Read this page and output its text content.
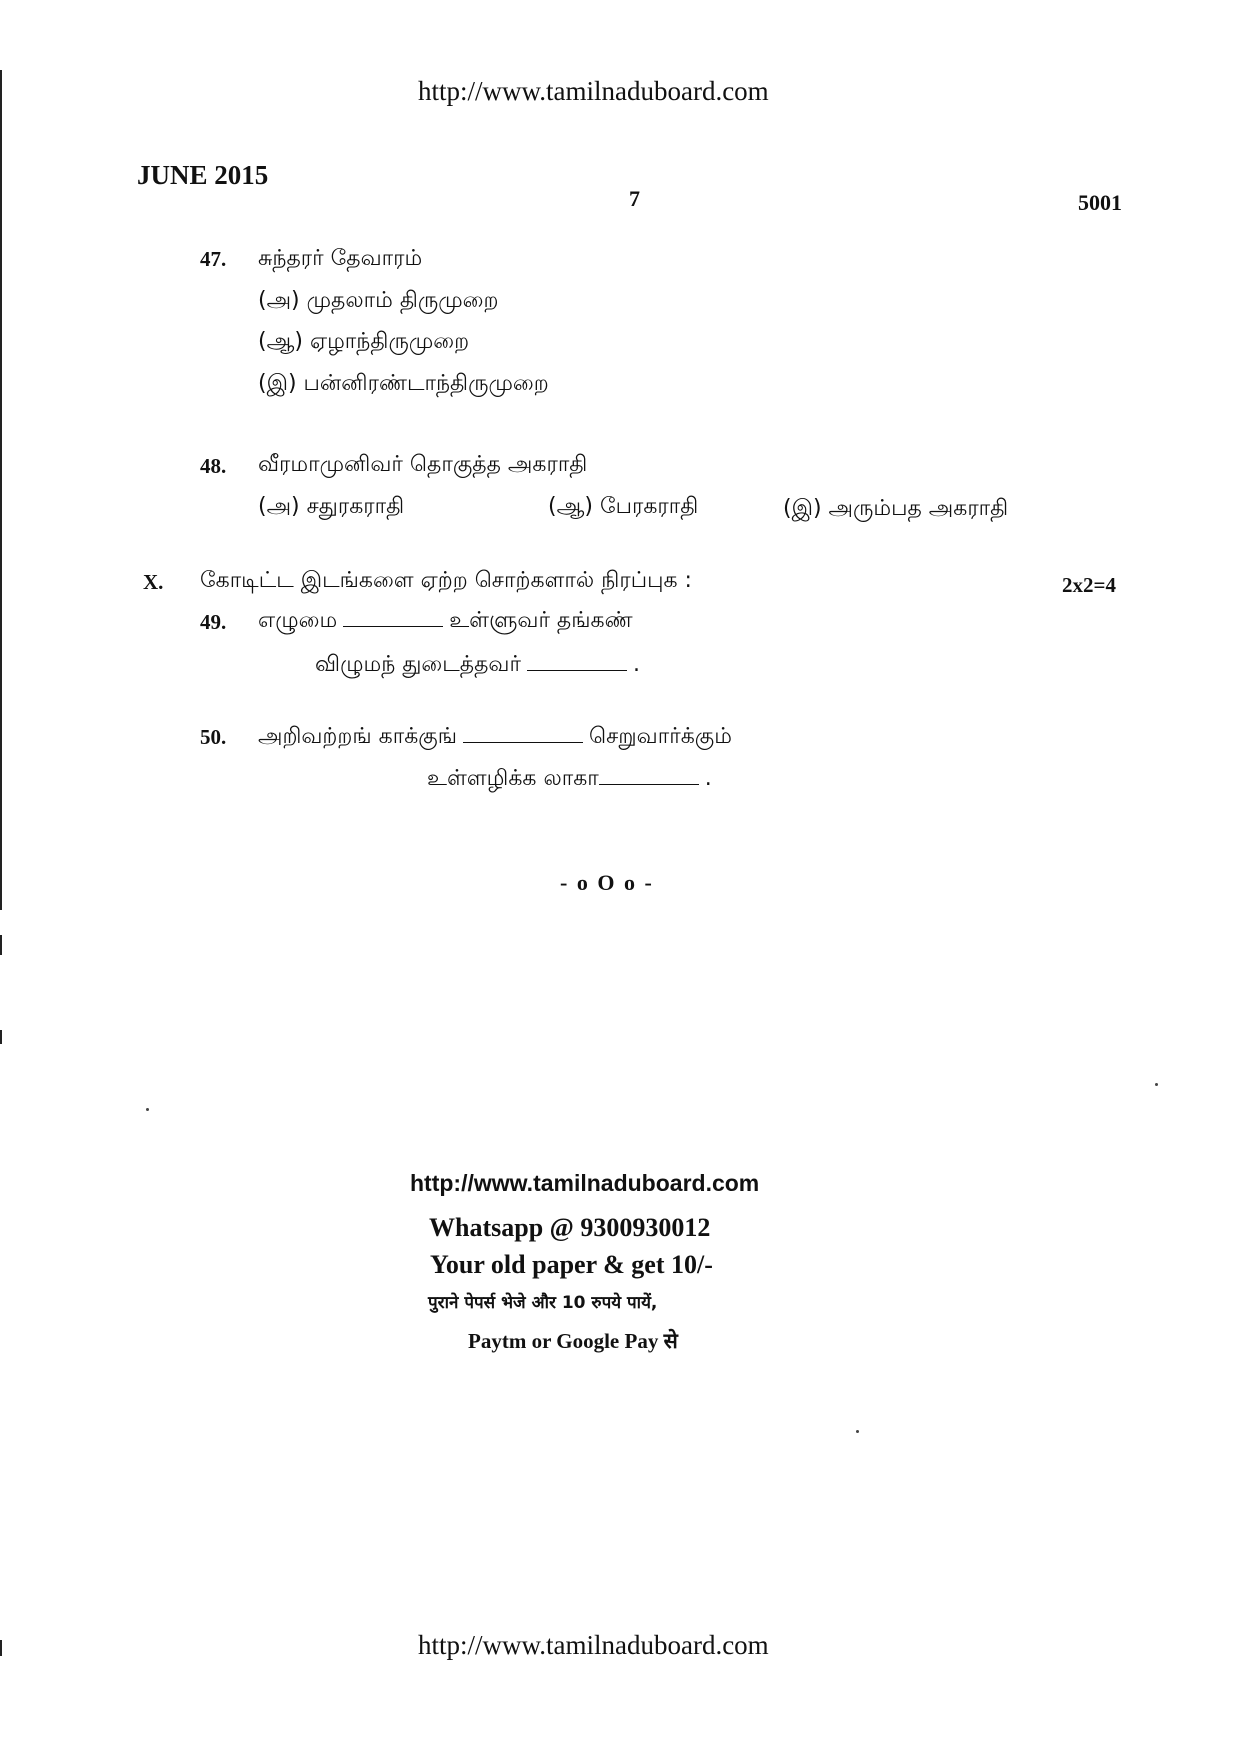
http://www.tamilnaduboard.com
JUNE 2015
7	5001
47. சுந்தரர் தேவாரம்
(அ) முதலாம் திருமுறை
(ஆ) ஏழாந்திருமுறை
(இ) பன்னிரண்டாந்திருமுறை
48. வீரமாமுனிவர் தொகுத்த அகராதி
(அ) சதுரகராதி	(ஆ) பேரகராதி	(இ) அரும்பத அகராதி
X. கோடிட்ட இடங்களை ஏற்ற சொற்களால் நிரப்புக :	2x2=4
49. எழுமை	உள்ளுவர் தங்கண்
விழுமந் துடைத்தவர்	.
50. அறிவற்றங் காக்குங்	செறுவார்க்கும்
உள்ளழிக்க லாகா	.
- o O o -
http://www.tamilnaduboard.com
Whatsapp @ 9300930012
Your old paper & get 10/-
पुराने पेपर्स भेजे और 10 रुपये पायें,
Paytm or Google Pay से
http://www.tamilnaduboard.com
